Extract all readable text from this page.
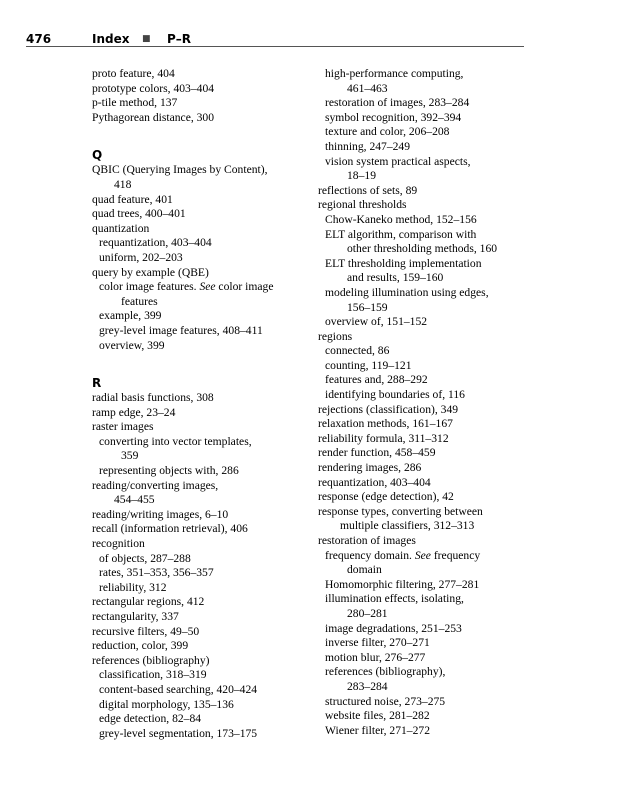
476	Index ■ P–R
proto feature, 404
prototype colors, 403–404
p-tile method, 137
Pythagorean distance, 300
Q
QBIC (Querying Images by Content),
418
quad feature, 401
quad trees, 400–401
quantization
requantization, 403–404
uniform, 202–203
query by example (QBE)
color image features. See color image
features
example, 399
grey-level image features, 408–411
overview, 399
R
radial basis functions, 308
ramp edge, 23–24
raster images
converting into vector templates,
359
representing objects with, 286
reading/converting images,
454–455
reading/writing images, 6–10
recall (information retrieval), 406
recognition
of objects, 287–288
rates, 351–353, 356–357
reliability, 312
rectangular regions, 412
rectangularity, 337
recursive filters, 49–50
reduction, color, 399
references (bibliography)
classification, 318–319
content-based searching, 420–424
digital morphology, 135–136
edge detection, 82–84
grey-level segmentation, 173–175
high-performance computing,
461–463
restoration of images, 283–284
symbol recognition, 392–394
texture and color, 206–208
thinning, 247–249
vision system practical aspects,
18–19
reflections of sets, 89
regional thresholds
Chow-Kaneko method, 152–156
ELT algorithm, comparison with
other thresholding methods, 160
ELT thresholding implementation
and results, 159–160
modeling illumination using edges,
156–159
overview of, 151–152
regions
connected, 86
counting, 119–121
features and, 288–292
identifying boundaries of, 116
rejections (classification), 349
relaxation methods, 161–167
reliability formula, 311–312
render function, 458–459
rendering images, 286
requantization, 403–404
response (edge detection), 42
response types, converting between
multiple classifiers, 312–313
restoration of images
frequency domain. See frequency
domain
Homomorphic filtering, 277–281
illumination effects, isolating,
280–281
image degradations, 251–253
inverse filter, 270–271
motion blur, 276–277
references (bibliography),
283–284
structured noise, 273–275
website files, 281–282
Wiener filter, 271–272
